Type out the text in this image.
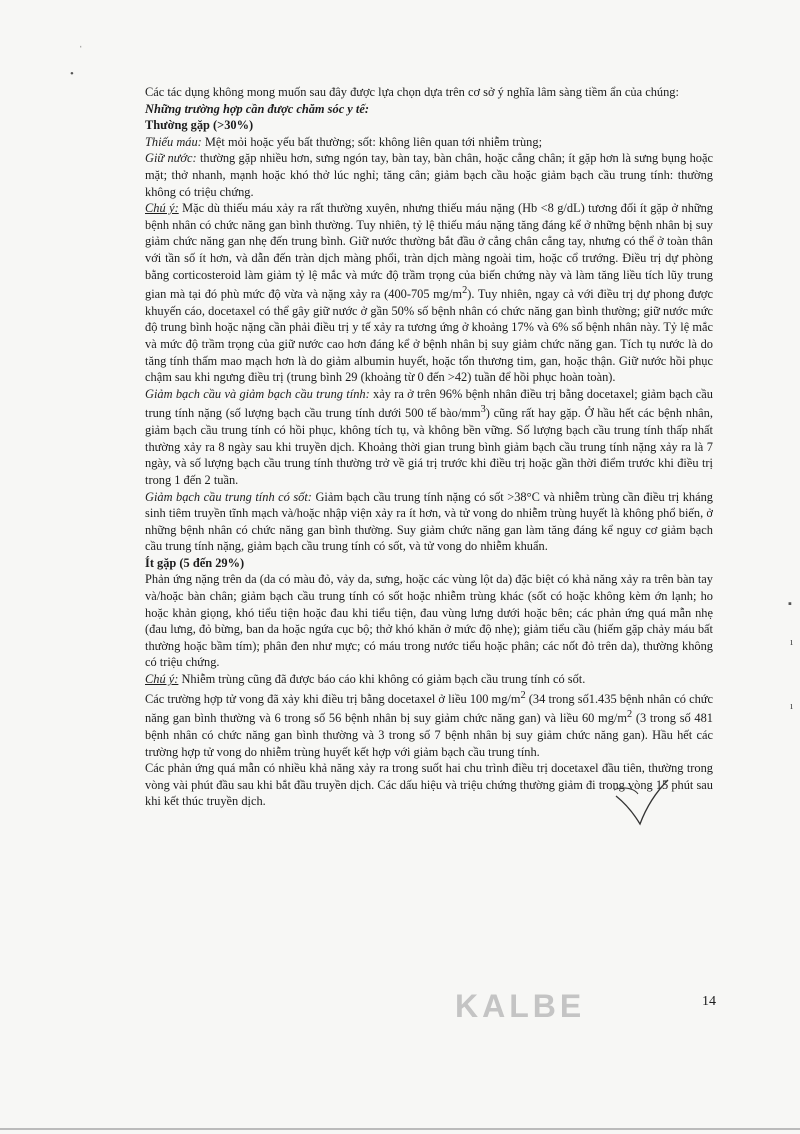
ˌ
•
▪
ı
ı

Các tác dụng không mong muốn sau đây được lựa chọn dựa trên cơ sở ý nghĩa lâm sàng tiềm ẩn của chúng:

Những trường hợp cần được chăm sóc y tế:

Thường gặp (>30%)

Thiếu máu: Mệt mỏi hoặc yếu bất thường; sốt: không liên quan tới nhiễm trùng;

Giữ nước: thường gặp nhiều hơn, sưng ngón tay, bàn tay, bàn chân, hoặc cẳng chân; ít gặp hơn là sưng bụng hoặc mặt; thở nhanh, mạnh hoặc khó thở lúc nghỉ; tăng cân; giảm bạch cầu hoặc giảm bạch cầu trung tính: thường không có triệu chứng.

Chú ý: Mặc dù thiếu máu xảy ra rất thường xuyên, nhưng thiếu máu nặng (Hb <8 g/dL) tương đối ít gặp ở những bệnh nhân có chức năng gan bình thường. Tuy nhiên, tỷ lệ thiếu máu nặng tăng đáng kể ở những bệnh nhân bị suy giảm chức năng gan nhẹ đến trung bình. Giữ nước thường bắt đầu ở cẳng chân cẳng tay, nhưng có thể ở toàn thân với tần số ít hơn, và dẫn đến tràn dịch màng phổi, tràn dịch màng ngoài tim, hoặc cổ trướng. Điều trị dự phòng bằng corticosteroid làm giảm tỷ lệ mắc và mức độ trầm trọng của biến chứng này và làm tăng liều tích lũy trung gian mà tại đó phù mức độ vừa và nặng xảy ra (400-705 $mg/m^2$). Tuy nhiên, ngay cả với điều trị dự phong được khuyến cáo, docetaxel có thể gây giữ nước ở gần 50% số bệnh nhân có chức năng gan bình thường; giữ nước mức độ trung bình hoặc nặng cần phải điều trị y tế xảy ra tương ứng ở khoảng 17% và 6% số bệnh nhân này. Tỷ lệ mắc và mức độ trầm trọng của giữ nước cao hơn đáng kể ở bệnh nhân bị suy giảm chức năng gan. Tích tụ nước là do tăng tính thấm mao mạch hơn là do giảm albumin huyết, hoặc tổn thương tim, gan, hoặc thận. Giữ nước hồi phục chậm sau khi ngưng điều trị (trung bình 29 (khoảng từ 0 đến >42) tuần để hồi phục hoàn toàn).

Giảm bạch cầu và giảm bạch cầu trung tính: xảy ra ở trên 96% bệnh nhân điều trị bằng docetaxel; giảm bạch cầu trung tính nặng (số lượng bạch cầu trung tính dưới 500 tế bào/$mm^3$) cũng rất hay gặp. Ở hầu hết các bệnh nhân, giảm bạch cầu trung tính có hồi phục, không tích tụ, và không bền vững. Số lượng bạch cầu trung tính thấp nhất thường xảy ra 8 ngày sau khi truyền dịch. Khoảng thời gian trung bình giảm bạch cầu trung tính nặng xảy ra là 7 ngày, và số lượng bạch cầu trung tính thường trở về giá trị trước khi điều trị hoặc gần thời điểm trước khi điều trị trong 1 đến 2 tuần.

Giảm bạch cầu trung tính có sốt: Giảm bạch cầu trung tính nặng có sốt >38°C và nhiễm trùng cần điều trị kháng sinh tiêm truyền tĩnh mạch và/hoặc nhập viện xảy ra ít hơn, và tử vong do nhiễm trùng huyết là không phổ biến, ở những bệnh nhân có chức năng gan bình thường. Suy giảm chức năng gan làm tăng đáng kể nguy cơ giảm bạch cầu trung tính nặng, giảm bạch cầu trung tính có sốt, và tử vong do nhiễm khuẩn.

Ít gặp (5 đến 29%)

Phản ứng nặng trên da (da có màu đỏ, vảy da, sưng, hoặc các vùng lột da) đặc biệt có khả năng xảy ra trên bàn tay và/hoặc bàn chân; giảm bạch cầu trung tính có sốt hoặc nhiễm trùng khác (sốt có hoặc không kèm ớn lạnh; ho hoặc khản giọng, khó tiểu tiện hoặc đau khi tiểu tiện, đau vùng lưng dưới hoặc bên; các phản ứng quá mẫn nhẹ (đau lưng, đỏ bừng, ban da hoặc ngứa cục bộ; thở khó khăn ở mức độ nhẹ); giảm tiểu cầu (hiếm gặp chảy máu bất thường hoặc bầm tím); phân đen như mực; có máu trong nước tiểu hoặc phân; các nốt đỏ trên da), thường không có triệu chứng.

Chú ý: Nhiễm trùng cũng đã được báo cáo khi không có giảm bạch cầu trung tính có sốt.

Các trường hợp tử vong đã xảy khi điều trị bằng docetaxel ở liều 100 $mg/m^2$ (34 trong số1.435 bệnh nhân có chức năng gan bình thường và 6 trong số 56 bệnh nhân bị suy giảm chức năng gan) và liều 60 $mg/m^2$ (3 trong số 481 bệnh nhân có chức năng gan bình thường và 3 trong số 7 bệnh nhân bị suy giảm chức năng gan). Hầu hết các trường hợp tử vong do nhiễm trùng huyết kết hợp với giảm bạch cầu trung tính.

Các phản ứng quá mẫn có nhiều khả năng xảy ra trong suốt hai chu trình điều trị docetaxel đầu tiên, thường trong vòng vài phút đầu sau khi bắt đầu truyền dịch. Các dấu hiệu và triệu chứng thường giảm đi trong vòng 15 phút sau khi kết thúc truyền dịch.

KALBE	14
